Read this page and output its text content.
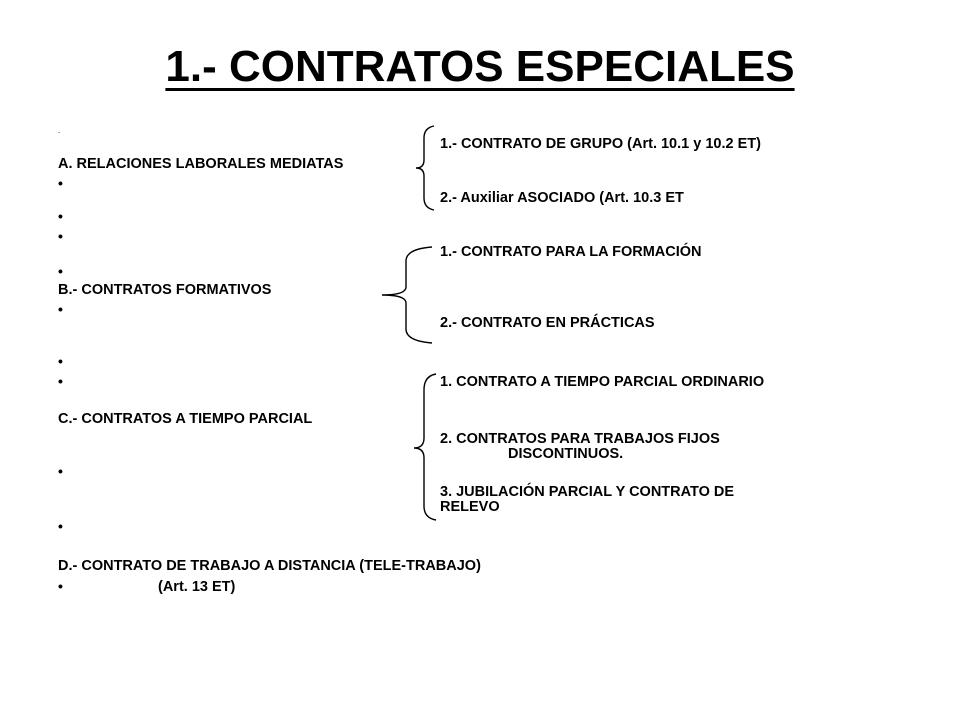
1.- CONTRATOS ESPECIALES
.
•
•
•
•
•
•
•
•
•
•
A. RELACIONES LABORALES MEDIATAS
1.- CONTRATO DE GRUPO (Art. 10.1 y 10.2 ET)
2.- Auxiliar ASOCIADO (Art. 10.3 ET
B.- CONTRATOS FORMATIVOS
1.- CONTRATO PARA LA FORMACIÓN
2.- CONTRATO EN PRÁCTICAS
C.- CONTRATOS A TIEMPO PARCIAL
1. CONTRATO A TIEMPO PARCIAL ORDINARIO
2. CONTRATOS PARA TRABAJOS FIJOS
DISCONTINUOS.
3. JUBILACIÓN PARCIAL Y CONTRATO DE
RELEVO
D.- CONTRATO DE TRABAJO A DISTANCIA (TELE-TRABAJO)
(Art. 13 ET)
